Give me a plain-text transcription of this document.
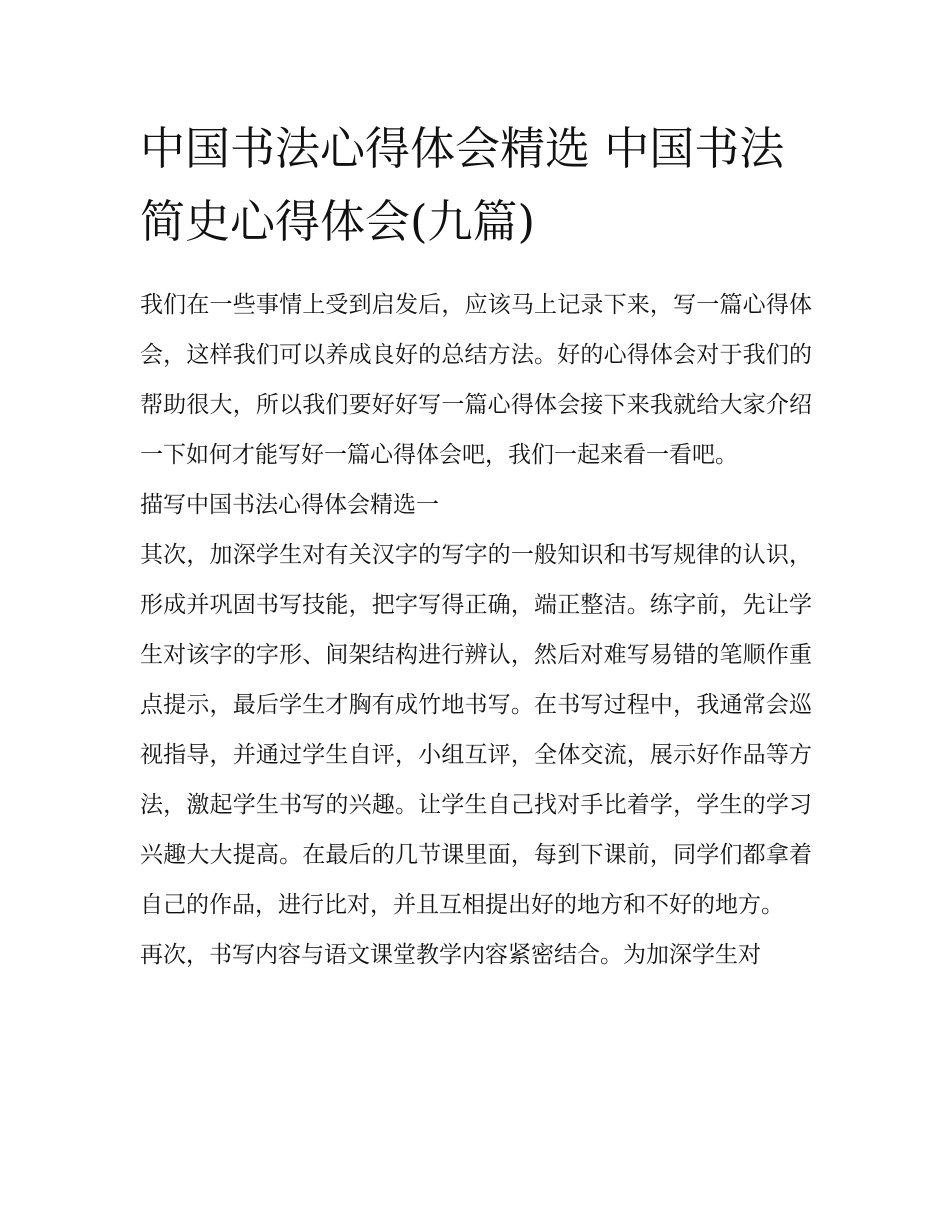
中国书法心得体会精选 中国书法简史心得体会(九篇)

我们在一些事情上受到启发后，应该马上记录下来，写一篇心得体会，这样我们可以养成良好的总结方法。好的心得体会对于我们的帮助很大，所以我们要好好写一篇心得体会接下来我就给大家介绍一下如何才能写好一篇心得体会吧，我们一起来看一看吧。

描写中国书法心得体会精选一

其次，加深学生对有关汉字的写字的一般知识和书写规律的认识，形成并巩固书写技能，把字写得正确，端正整洁。练字前，先让学生对该字的字形、间架结构进行辨认，然后对难写易错的笔顺作重点提示，最后学生才胸有成竹地书写。在书写过程中，我通常会巡视指导，并通过学生自评，小组互评，全体交流，展示好作品等方法，激起学生书写的兴趣。让学生自己找对手比着学，学生的学习兴趣大大提高。在最后的几节课里面，每到下课前，同学们都拿着自己的作品，进行比对，并且互相提出好的地方和不好的地方。

再次，书写内容与语文课堂教学内容紧密结合。为加深学生对
